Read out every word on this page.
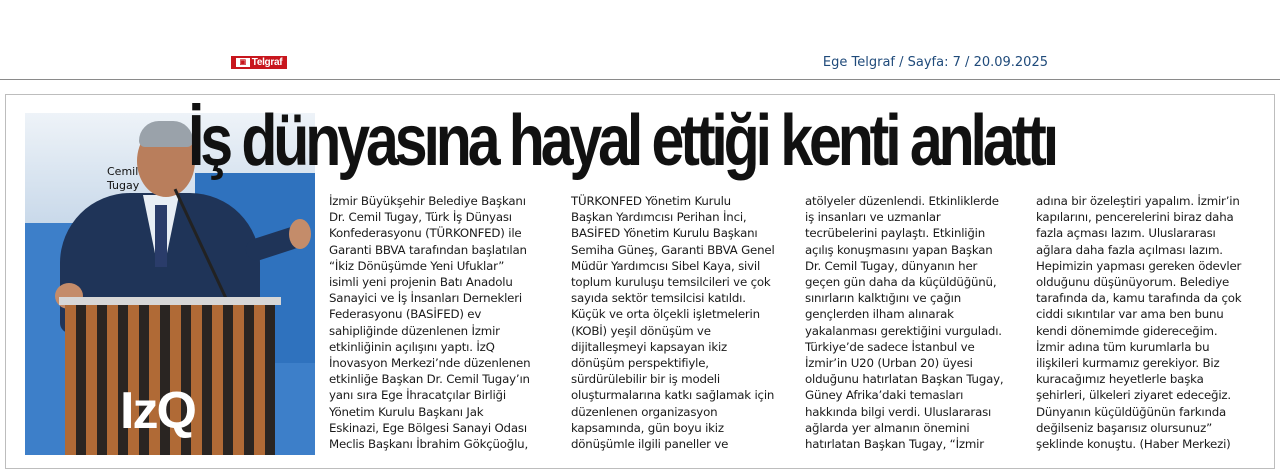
▣ Telgraf	Ege Telgraf / Sayfa: 7 / 20.09.2025
IzQ
Cemil Tugay
İş dünyasına hayal ettiği kenti anlattı
İzmir Büyükşehir Belediye Başkanı
Dr. Cemil Tugay, Türk İş Dünyası
Konfederasyonu (TÜRKONFED) ile
Garanti BBVA tarafından başlatılan
“İkiz Dönüşümde Yeni Ufuklar”
isimli yeni projenin Batı Anadolu
Sanayici ve İş İnsanları Dernekleri
Federasyonu (BASİFED) ev
sahipliğinde düzenlenen İzmir
etkinliğinin açılışını yaptı. İzQ
İnovasyon Merkezi’nde düzenlenen
etkinliğe Başkan Dr. Cemil Tugay’ın
yanı sıra Ege İhracatçılar Birliği
Yönetim Kurulu Başkanı Jak
Eskinazi, Ege Bölgesi Sanayi Odası
Meclis Başkanı İbrahim Gökçüoğlu,
TÜRKONFED Yönetim Kurulu
Başkan Yardımcısı Perihan İnci,
BASİFED Yönetim Kurulu Başkanı
Semiha Güneş, Garanti BBVA Genel
Müdür Yardımcısı Sibel Kaya, sivil
toplum kuruluşu temsilcileri ve çok
sayıda sektör temsilcisi katıldı.
Küçük ve orta ölçekli işletmelerin
(KOBİ) yeşil dönüşüm ve
dijitalleşmeyi kapsayan ikiz
dönüşüm perspektifiyle,
sürdürülebilir bir iş modeli
oluşturmalarına katkı sağlamak için
düzenlenen organizasyon
kapsamında, gün boyu ikiz
dönüşümle ilgili paneller ve
atölyeler düzenlendi. Etkinliklerde
iş insanları ve uzmanlar
tecrübelerini paylaştı. Etkinliğin
açılış konuşmasını yapan Başkan
Dr. Cemil Tugay, dünyanın her
geçen gün daha da küçüldüğünü,
sınırların kalktığını ve çağın
gençlerden ilham alınarak
yakalanması gerektiğini vurguladı.
Türkiye’de sadece İstanbul ve
İzmir’in U20 (Urban 20) üyesi
olduğunu hatırlatan Başkan Tugay,
Güney Afrika’daki temasları
hakkında bilgi verdi. Uluslararası
ağlarda yer almanın önemini
hatırlatan Başkan Tugay, “İzmir
adına bir özeleştiri yapalım. İzmir’in
kapılarını, pencerelerini biraz daha
fazla açması lazım. Uluslararası
ağlara daha fazla açılması lazım.
Hepimizin yapması gereken ödevler
olduğunu düşünüyorum. Belediye
tarafında da, kamu tarafında da çok
ciddi sıkıntılar var ama ben bunu
kendi dönemimde gidereceğim.
İzmir adına tüm kurumlarla bu
ilişkileri kurmamız gerekiyor. Biz
kuracağımız heyetlerle başka
şehirleri, ülkeleri ziyaret edeceğiz.
Dünyanın küçüldüğünün farkında
değilseniz başarısız olursunuz”
şeklinde konuştu. (Haber Merkezi)
